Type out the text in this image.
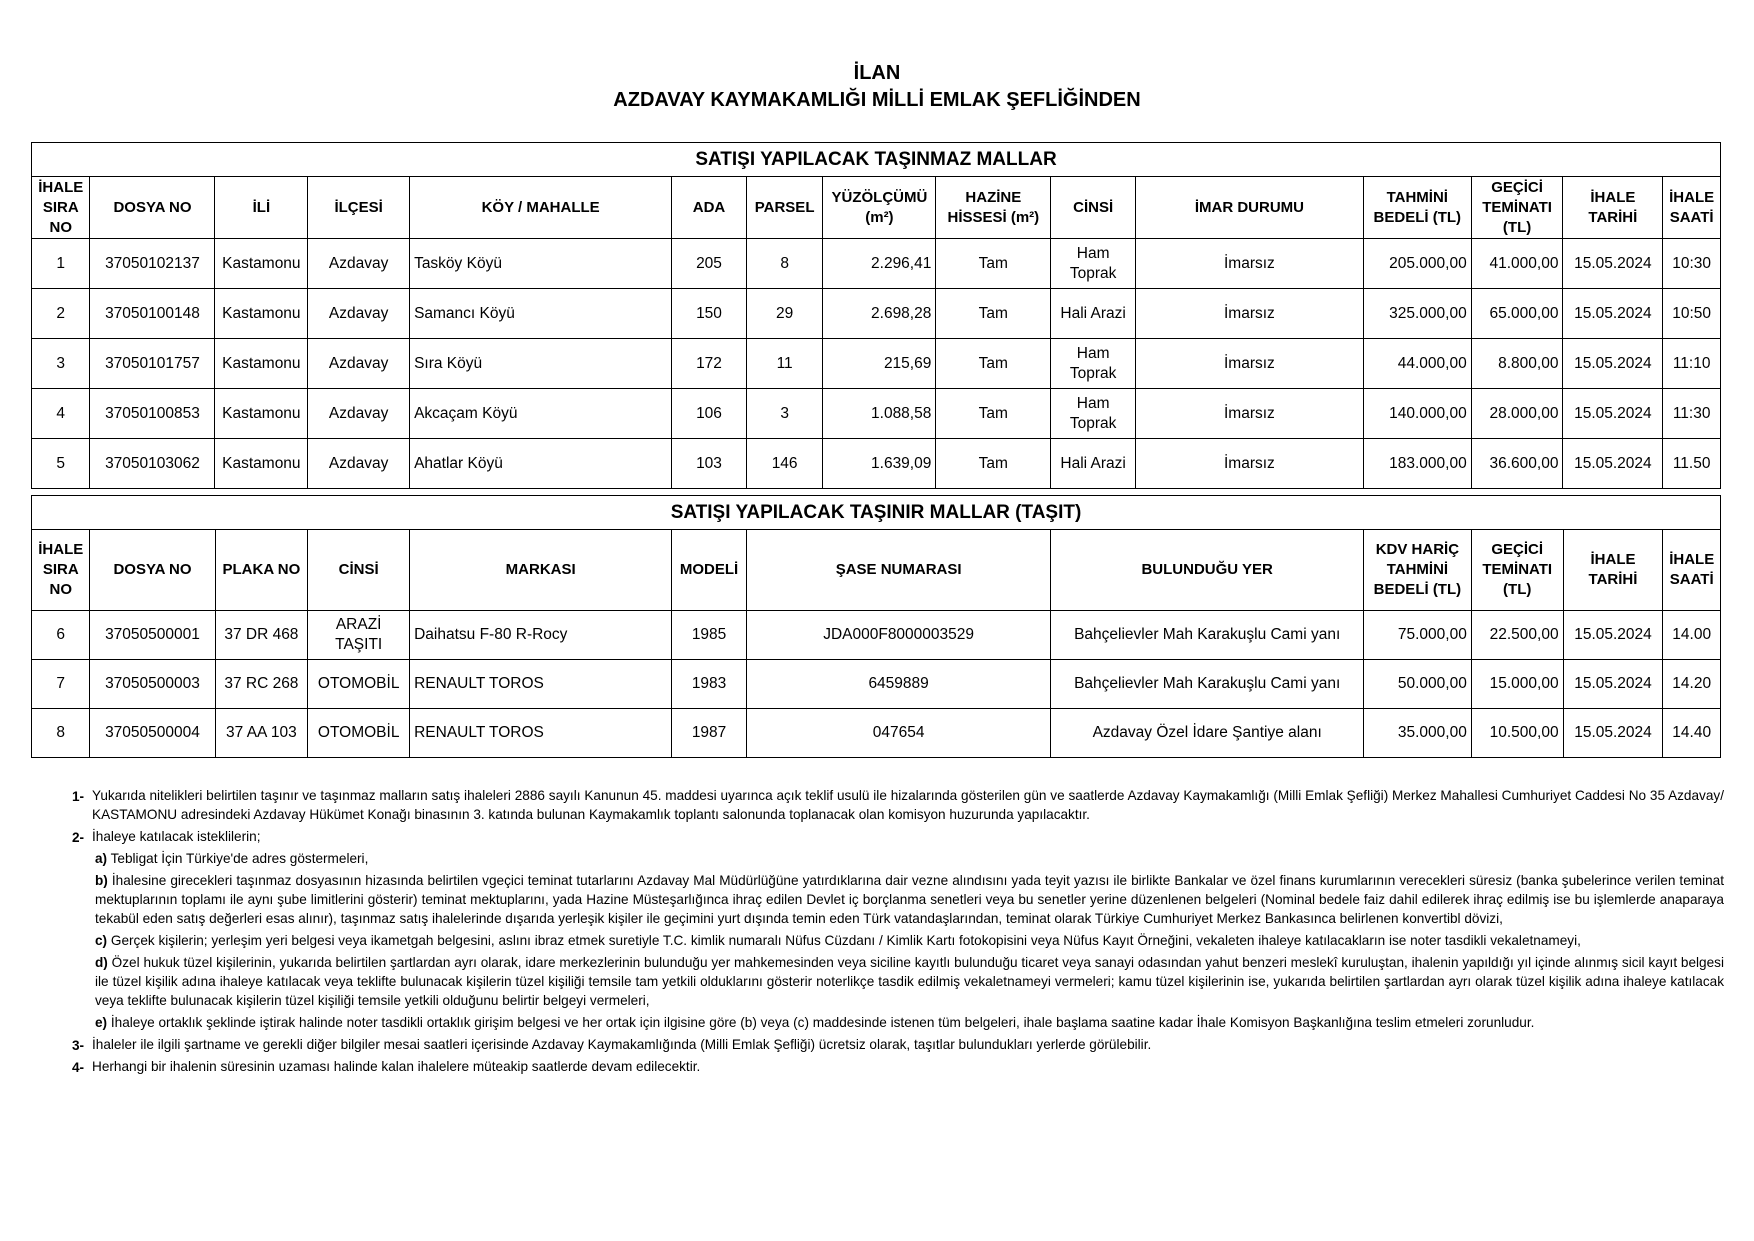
İLAN
AZDAVAY KAYMAKAMLIĞI MİLLİ EMLAK ŞEFLİĞİNDEN
SATIŞI YAPILACAK TAŞINMAZ MALLAR														
İHALE SIRA NO	DOSYA NO	İLİ	İLÇESİ	KÖY / MAHALLE	ADA	PARSEL	YÜZÖLÇÜMÜ (m²)	HAZİNE HİSSESİ (m²)	CİNSİ	İMAR DURUMU	TAHMİNİ BEDELİ (TL)	GEÇİCİ TEMİNATI (TL)	İHALE TARİHİ	İHALE SAATİ
1	37050102137	Kastamonu	Azdavay	Tasköy Köyü	205	8	2.296,41	Tam	Ham Toprak	İmarsız	205.000,00	41.000,00	15.05.2024	10:30
2	37050100148	Kastamonu	Azdavay	Samancı Köyü	150	29	2.698,28	Tam	Hali Arazi	İmarsız	325.000,00	65.000,00	15.05.2024	10:50
3	37050101757	Kastamonu	Azdavay	Sıra Köyü	172	11	215,69	Tam	Ham Toprak	İmarsız	44.000,00	8.800,00	15.05.2024	11:10
4	37050100853	Kastamonu	Azdavay	Akcaçam Köyü	106	3	1.088,58	Tam	Ham Toprak	İmarsız	140.000,00	28.000,00	15.05.2024	11:30
5	37050103062	Kastamonu	Azdavay	Ahatlar Köyü	103	146	1.639,09	Tam	Hali Arazi	İmarsız	183.000,00	36.600,00	15.05.2024	11.50
SATIŞI YAPILACAK TAŞINIR MALLAR (TAŞIT)											
İHALE SIRA NO	DOSYA NO	PLAKA NO	CİNSİ	MARKASI	MODELİ	ŞASE NUMARASI	BULUNDUĞU YER	KDV HARİÇ TAHMİNİ BEDELİ (TL)	GEÇİCİ TEMİNATI (TL)	İHALE TARİHİ	İHALE SAATİ
6	37050500001	37 DR 468	ARAZİ TAŞITI	Daihatsu F-80 R-Rocy	1985	JDA000F8000003529	Bahçelievler Mah Karakuşlu Cami yanı	75.000,00	22.500,00	15.05.2024	14.00
7	37050500003	37 RC 268	OTOMOBİL	RENAULT TOROS	1983	6459889	Bahçelievler Mah Karakuşlu Cami yanı	50.000,00	15.000,00	15.05.2024	14.20
8	37050500004	37 AA 103	OTOMOBİL	RENAULT TOROS	1987	047654	Azdavay Özel İdare Şantiye alanı	35.000,00	10.500,00	15.05.2024	14.40
1- Yukarıda nitelikleri belirtilen taşınır ve taşınmaz malların satış ihaleleri 2886 sayılı Kanunun 45. maddesi uyarınca açık teklif usulü ile hizalarında gösterilen gün ve saatlerde Azdavay Kaymakamlığı (Milli Emlak Şefliği) Merkez Mahallesi Cumhuriyet Caddesi No 35 Azdavay/ KASTAMONU adresindeki Azdavay Hükümet Konağı binasının 3. katında bulunan Kaymakamlık toplantı salonunda toplanacak olan komisyon huzurunda yapılacaktır.
2- İhaleye katılacak isteklilerin;
a) Tebligat İçin Türkiye'de adres göstermeleri,
b) İhalesine girecekleri taşınmaz dosyasının hizasında belirtilen vgeçici teminat tutarlarını Azdavay Mal Müdürlüğüne yatırdıklarına dair vezne alındısını yada teyit yazısı ile birlikte Bankalar ve özel finans kurumlarının verecekleri süresiz (banka şubelerince verilen teminat mektuplarının toplamı ile aynı şube limitlerini gösterir) teminat mektuplarını, yada Hazine Müsteşarlığınca ihraç edilen Devlet iç borçlanma senetleri veya bu senetler yerine düzenlenen belgeleri (Nominal bedele faiz dahil edilerek ihraç edilmiş ise bu işlemlerde anaparaya tekabül eden satış değerleri esas alınır), taşınmaz satış ihalelerinde dışarıda yerleşik kişiler ile geçimini yurt dışında temin eden Türk vatandaşlarından, teminat olarak Türkiye Cumhuriyet Merkez Bankasınca belirlenen konvertibl dövizi,
c) Gerçek kişilerin; yerleşim yeri belgesi veya ikametgah belgesini, aslını ibraz etmek suretiyle T.C. kimlik numaralı Nüfus Cüzdanı / Kimlik Kartı fotokopisini veya Nüfus Kayıt Örneğini, vekaleten ihaleye katılacakların ise noter tasdikli vekaletnameyi,
d) Özel hukuk tüzel kişilerinin, yukarıda belirtilen şartlardan ayrı olarak, idare merkezlerinin bulunduğu yer mahkemesinden veya siciline kayıtlı bulunduğu ticaret veya sanayi odasından yahut benzeri meslekî kuruluştan, ihalenin yapıldığı yıl içinde alınmış sicil kayıt belgesi ile tüzel kişilik adına ihaleye katılacak veya teklifte bulunacak kişilerin tüzel kişiliği temsile tam yetkili olduklarını gösterir noterlikçe tasdik edilmiş vekaletnameyi vermeleri; kamu tüzel kişilerinin ise, yukarıda belirtilen şartlardan ayrı olarak tüzel kişilik adına ihaleye katılacak veya teklifte bulunacak kişilerin tüzel kişiliği temsile yetkili olduğunu belirtir belgeyi vermeleri,
e) İhaleye ortaklık şeklinde iştirak halinde noter tasdikli ortaklık girişim belgesi ve her ortak için ilgisine göre (b) veya (c) maddesinde istenen tüm belgeleri, ihale başlama saatine kadar İhale Komisyon Başkanlığına teslim etmeleri zorunludur.
3- İhaleler ile ilgili şartname ve gerekli diğer bilgiler mesai saatleri içerisinde Azdavay Kaymakamlığında (Milli Emlak Şefliği) ücretsiz olarak, taşıtlar bulundukları yerlerde görülebilir.
4- Herhangi bir ihalenin süresinin uzaması halinde kalan ihalelere müteakip saatlerde devam edilecektir.
